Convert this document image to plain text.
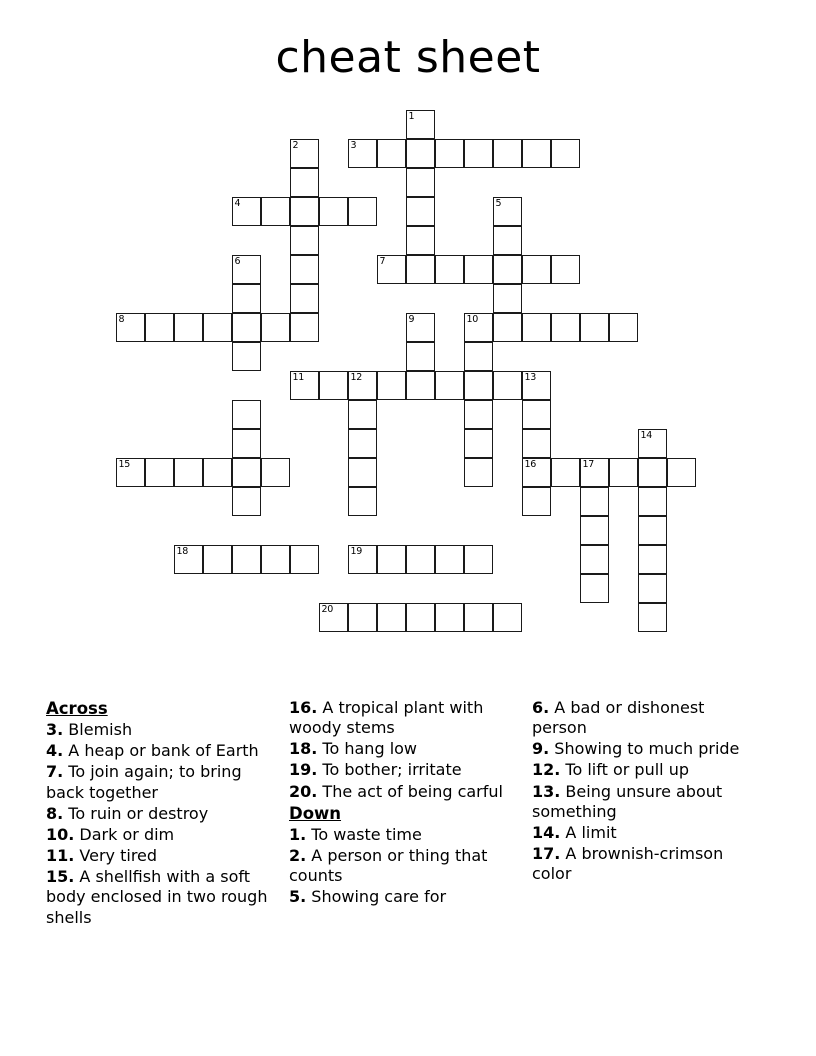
cheat sheet
1
2	3
4	5
6	7
8	9	10
11	12	13
14
15	16	17
18	19
20
Across
3. Blemish
4. A heap or bank of Earth
7. To join again; to bring back together
8. To ruin or destroy
10. Dark or dim
11. Very tired
15. A shellfish with a soft body enclosed in two rough shells
16. A tropical plant with woody stems
18. To hang low
19. To bother; irritate
20. The act of being carful
Down
1. To waste time
2. A person or thing that counts
5. Showing care for
6. A bad or dishonest person
9. Showing to much pride
12. To lift or pull up
13. Being unsure about something
14. A limit
17. A brownish-crimson color
